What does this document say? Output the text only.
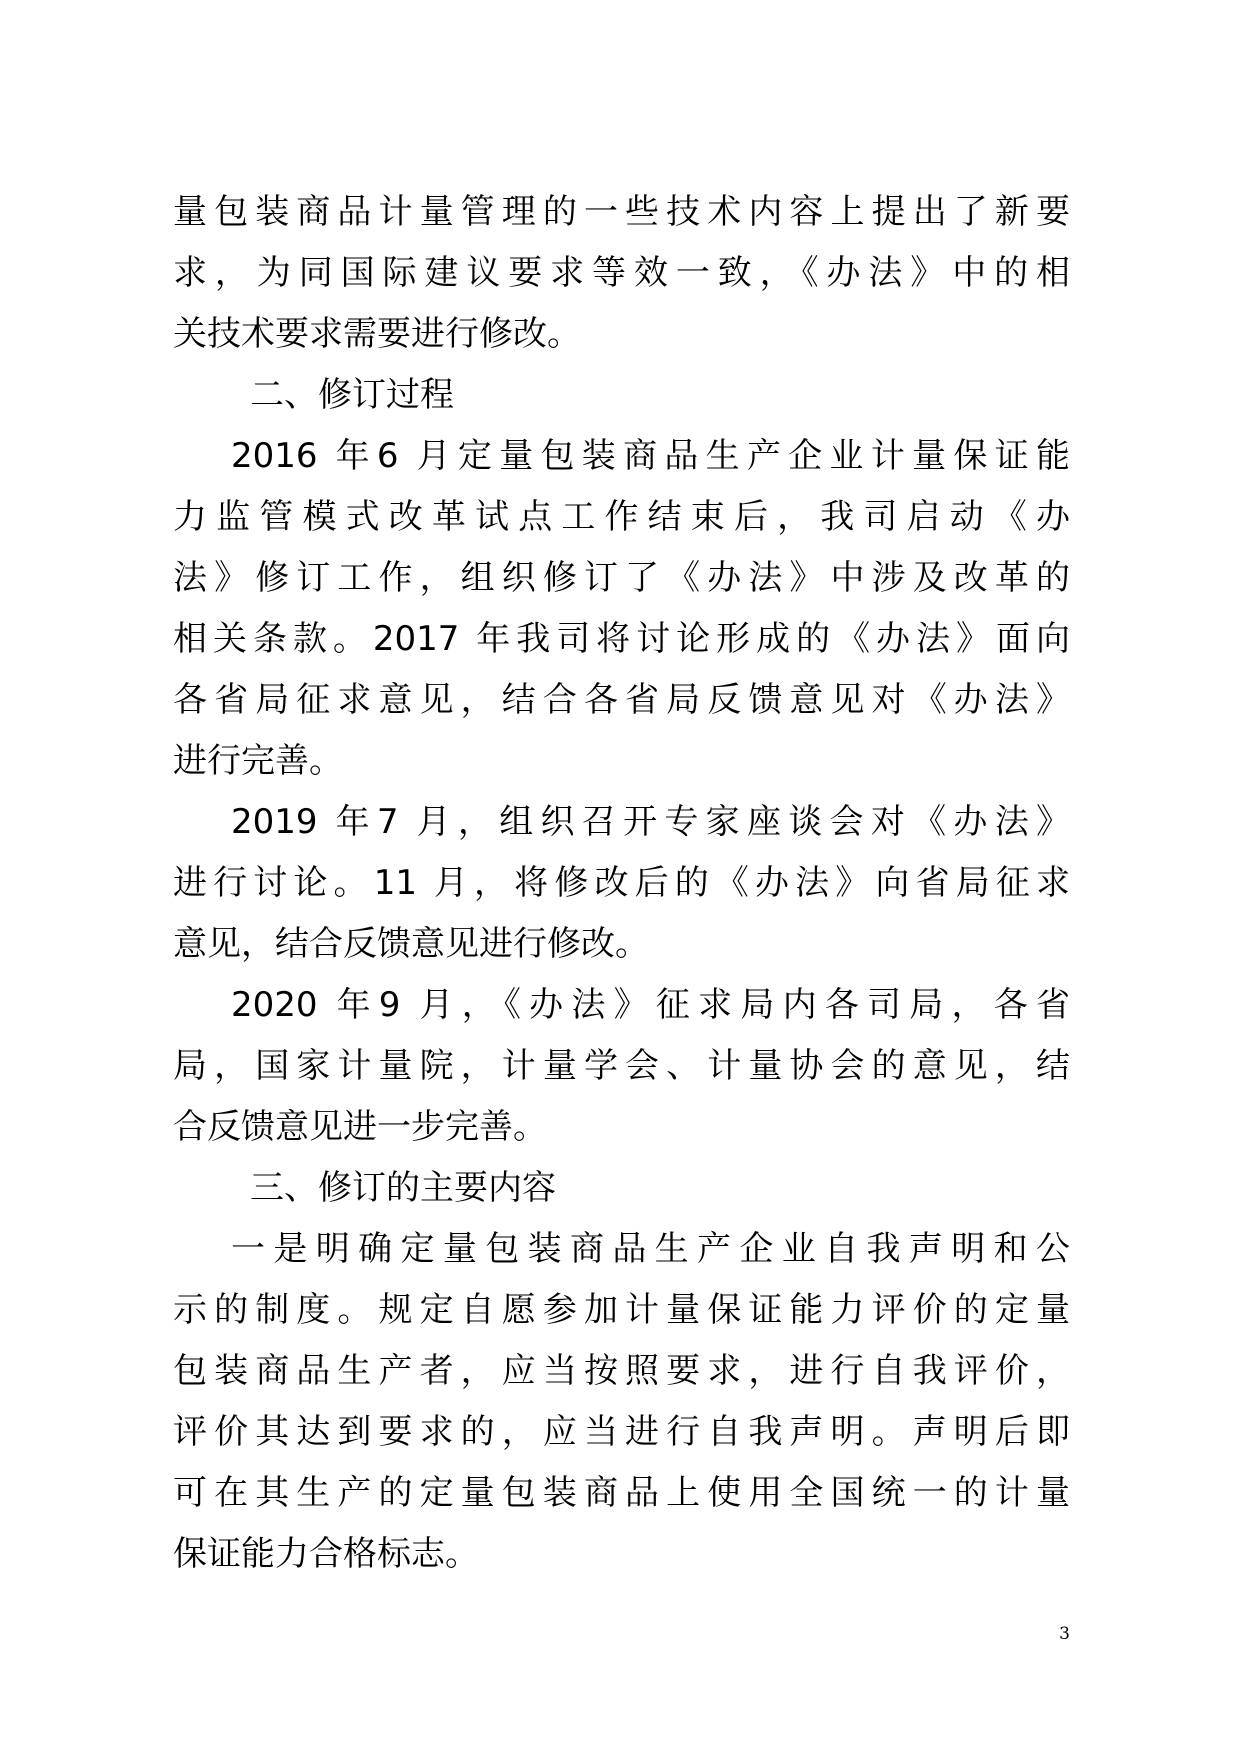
量包装商品计量管理的一些技术内容上提出了新要
求，为同国际建议要求等效一致，《办法》中的相
关技术要求需要进行修改。
二、修订过程
2016 年6 月定量包装商品生产企业计量保证能
力监管模式改革试点工作结束后，我司启动《办
法》修订工作，组织修订了《办法》中涉及改革的
相关条款。2017 年我司将讨论形成的《办法》面向
各省局征求意见，结合各省局反馈意见对《办法》
进行完善。
2019 年7 月，组织召开专家座谈会对《办法》
进行讨论。11 月，将修改后的《办法》向省局征求
意见，结合反馈意见进行修改。
2020 年9 月，《办法》征求局内各司局，各省
局，国家计量院，计量学会、计量协会的意见，结
合反馈意见进一步完善。
三、修订的主要内容
一是明确定量包装商品生产企业自我声明和公
示的制度。规定自愿参加计量保证能力评价的定量
包装商品生产者，应当按照要求，进行自我评价，
评价其达到要求的，应当进行自我声明。声明后即
可在其生产的定量包装商品上使用全国统一的计量
保证能力合格标志。
3
